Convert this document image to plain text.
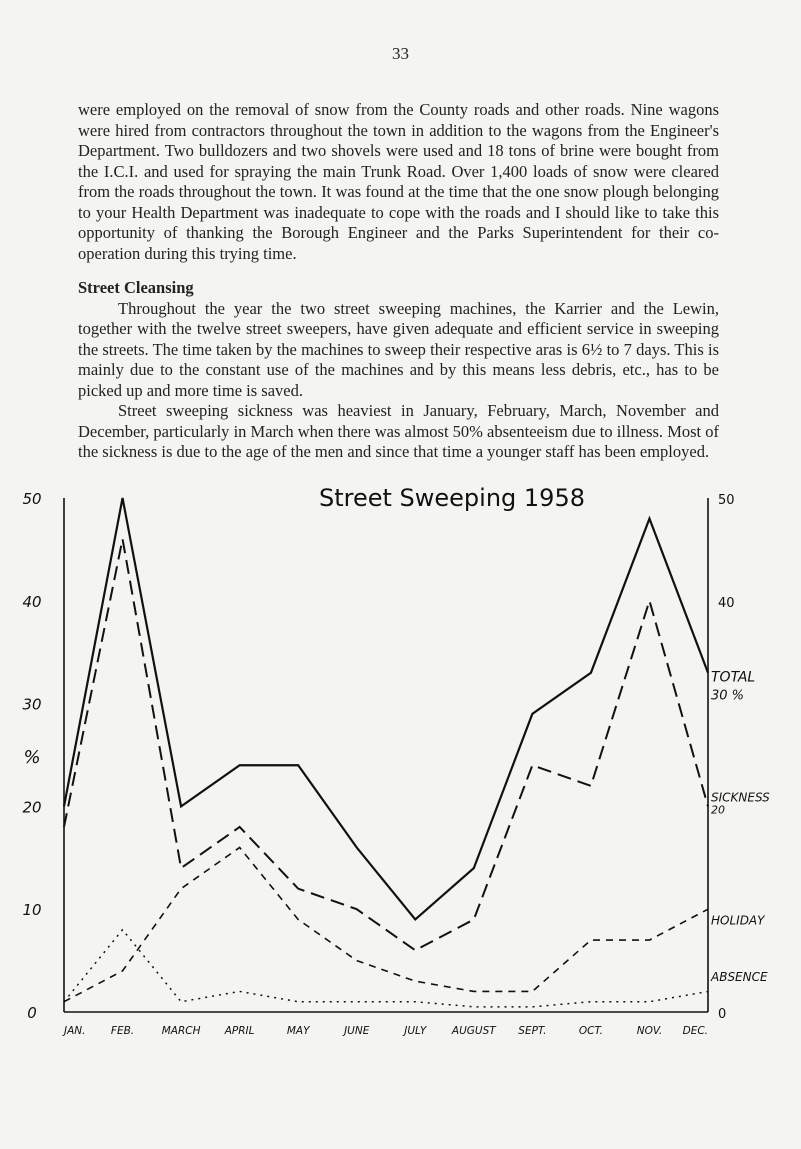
33

were employed on the removal of snow from the County roads and other roads. Nine wagons were hired from contractors throughout the town in addition to the wagons from the Engineer's Department. Two bulldozers and two shovels were used and 18 tons of brine were bought from the I.C.I. and used for spraying the main Trunk Road. Over 1,400 loads of snow were cleared from the roads throughout the town. It was found at the time that the one snow plough belonging to your Health Department was inadequate to cope with the roads and I should like to take this opportunity of thanking the Borough Engineer and the Parks Superintendent for their co-operation during this trying time.

Street Cleansing

Throughout the year the two street sweeping machines, the Karrier and the Lewin, together with the twelve street sweepers, have given adequate and efficient service in sweeping the streets. The time taken by the machines to sweep their respective aras is 6½ to 7 days. This is mainly due to the constant use of the machines and by this means less debris, etc., has to be picked up and more time is saved.

Street sweeping sickness was heaviest in January, February, March, November and December, particularly in March when there was almost 50% absenteeism due to illness. Most of the sickness is due to the age of the men and since that time a younger staff has been employed.

Street Sweeping 1958
50
40
30
20
10
0
50
40
0
%
JAN. FEB.	MARCH APRIL	MAY	JUNE	JULY AUGUST SEPT.	OCT.	NOV. DEC.
TOTAL
30 %
SICKNESS
20
HOLIDAY
ABSENCE
